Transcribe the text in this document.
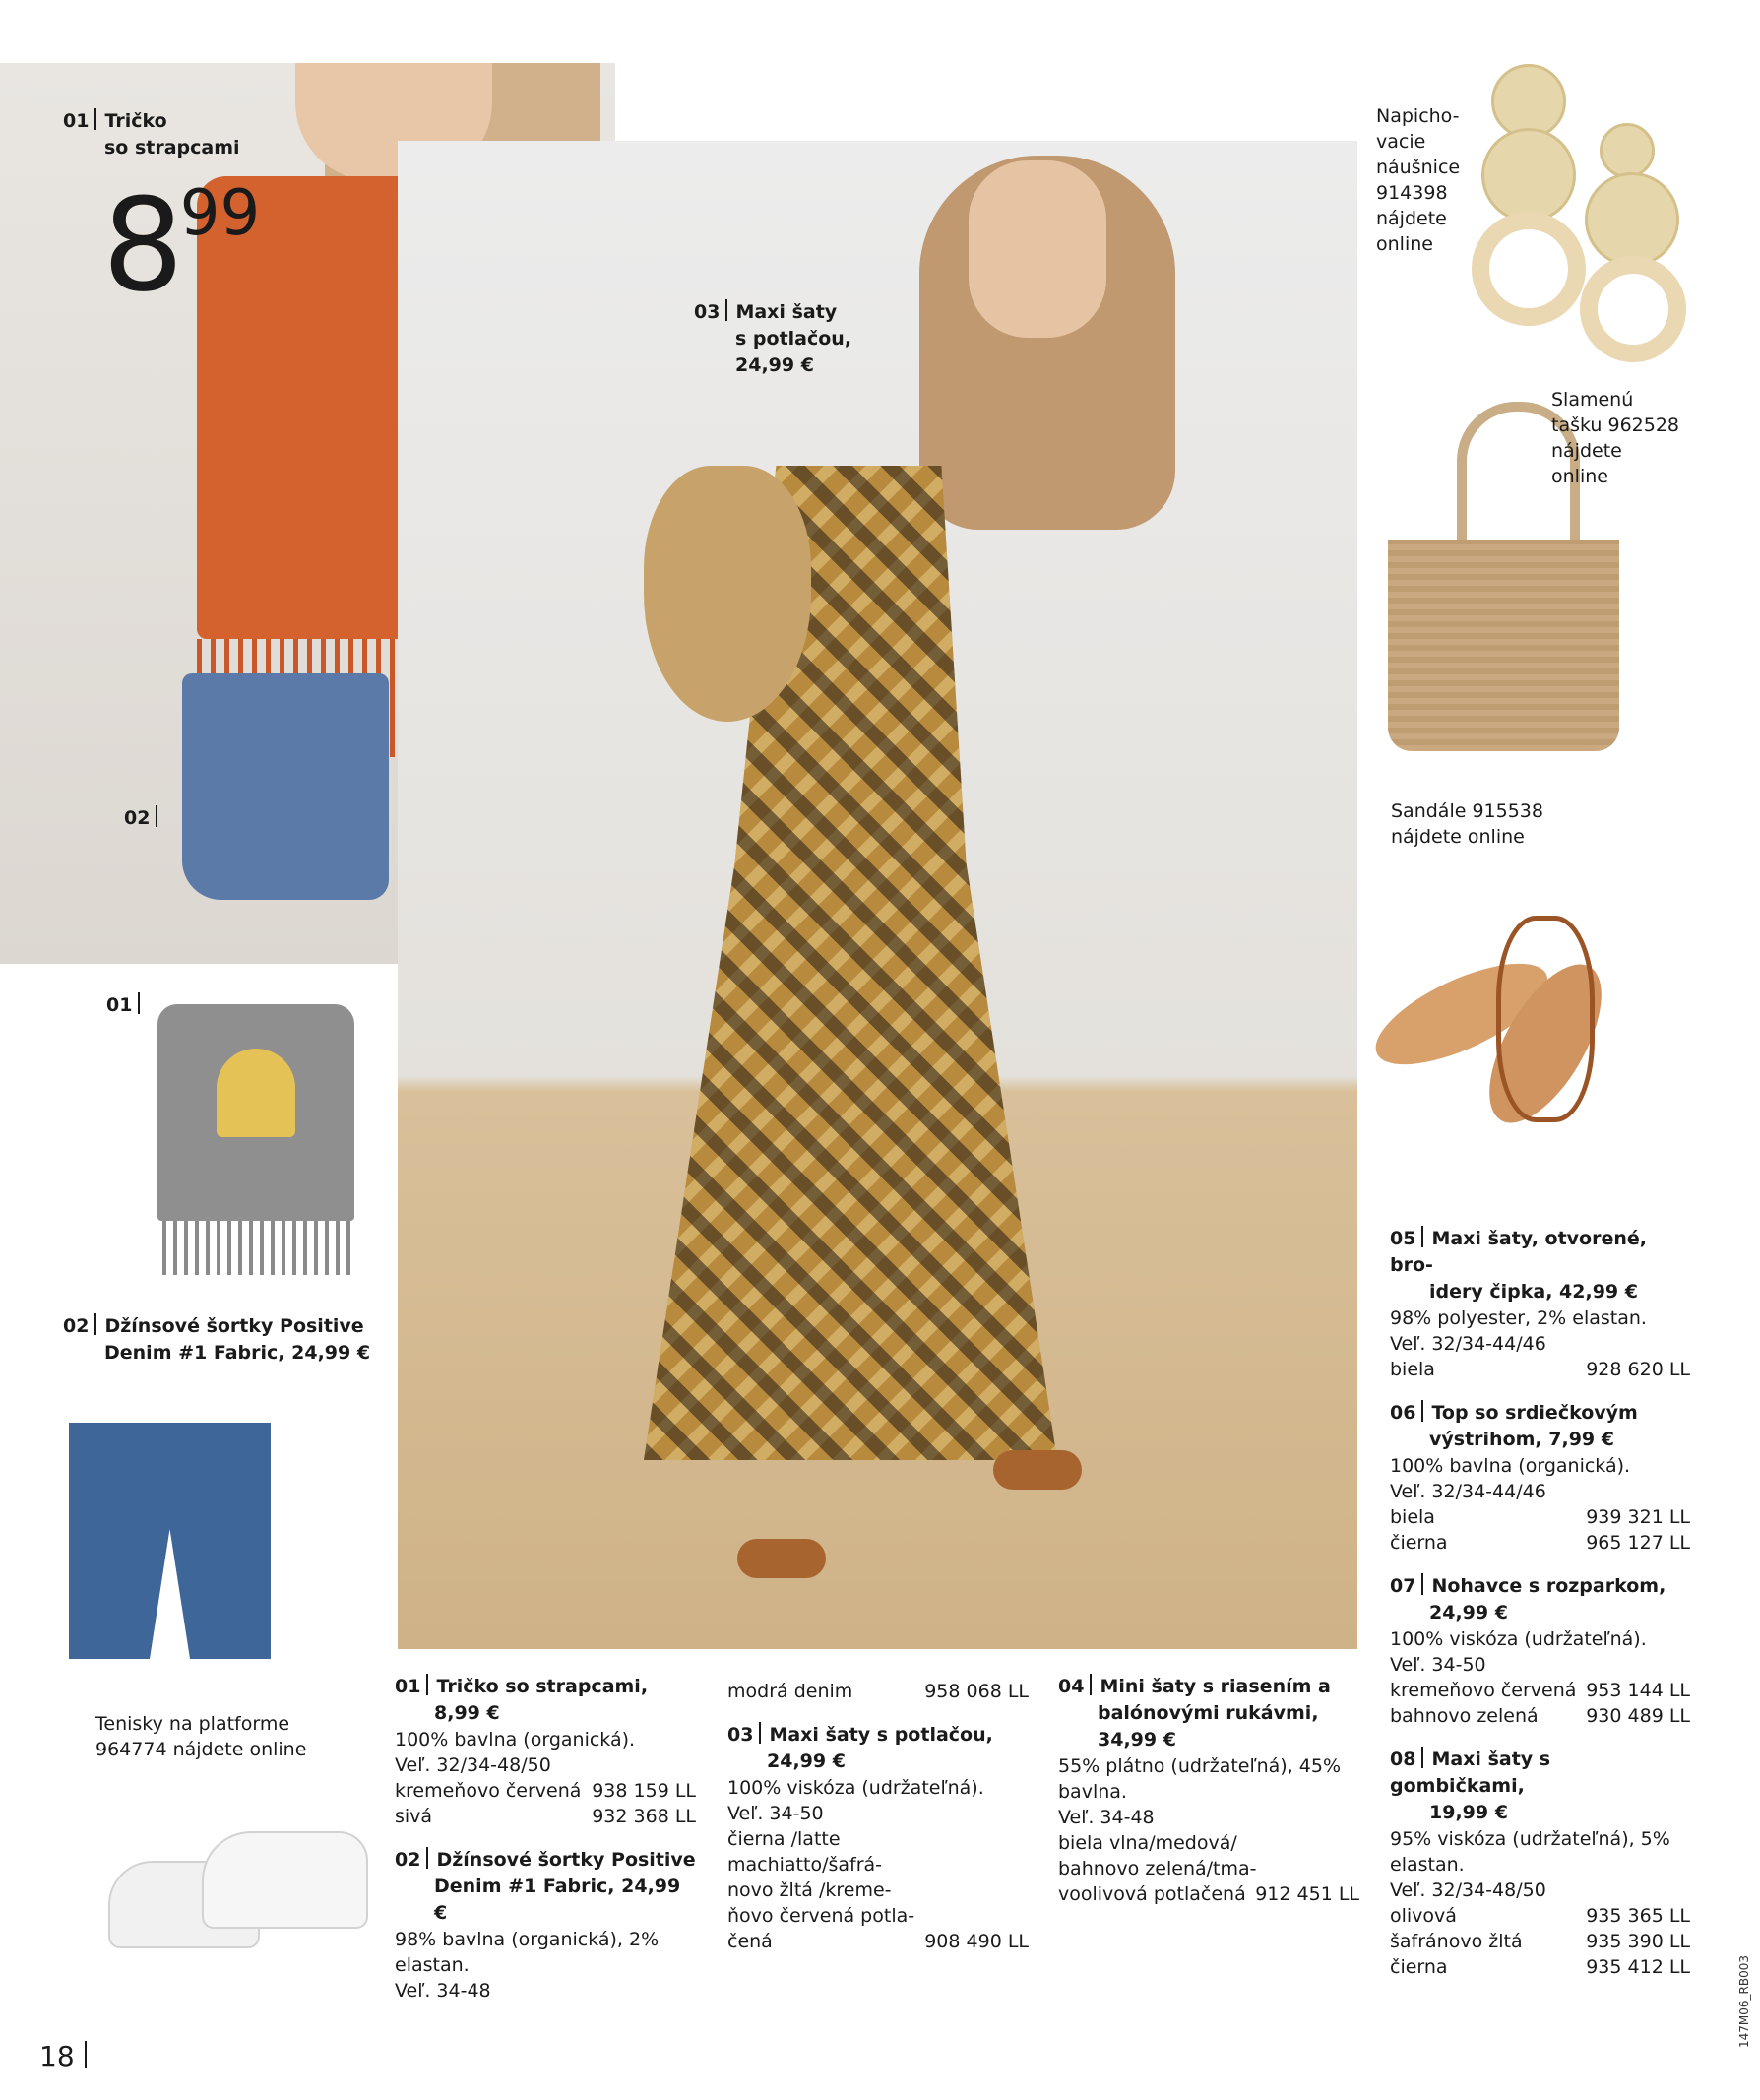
01 Tričko
so strapcami
$8^{99}$
02
03 Maxi šaty
s potlačou,
24,99 €
01
02 Džínsové šortky Positive
Denim #1 Fabric, 24,99 €
Tenisky na platforme
964774 nájdete online
Napicho-
vacie
náušnice
914398
nájdete
online
Slamenú
tašku 962528
nájdete
online
Sandále 915538
nájdete online
01 Tričko so strapcami,
8,99 €
100% bavlna (organická).
Veľ. 32/34-48/50
kremeňovo červená 938 159 LL
sivá	932 368 LL
02 Džínsové šortky Positive
Denim #1 Fabric, 24,99 €
98% bavlna (organická), 2%
elastan.
Veľ. 34-48
modrá denim	958 068 LL
03 Maxi šaty s potlačou,
24,99 €
100% viskóza (udržateľná).
Veľ. 34-50
čierna /latte
machiatto/šafrá-
novo žltá /kreme-
ňovo červená potla-
čená	908 490 LL
04 Mini šaty s riasením a
balónovými rukávmi,
34,99 €
55% plátno (udržateľná), 45%
bavlna.
Veľ. 34-48
biela vlna/medová/
bahnovo zelená/tma-
voolivová potlačená 912 451 LL
05 Maxi šaty, otvorené, bro-
idery čipka, 42,99 €
98% polyester, 2% elastan.
Veľ. 32/34-44/46
biela	928 620 LL
06 Top so srdiečkovým
výstrihom, 7,99 €
100% bavlna (organická).
Veľ. 32/34-44/46
biela	939 321 LL
čierna	965 127 LL
07 Nohavce s rozparkom,
24,99 €
100% viskóza (udržateľná).
Veľ. 34-50
kremeňovo červená 953 144 LL
bahnovo zelená	930 489 LL
08 Maxi šaty s gombičkami,
19,99 €
95% viskóza (udržateľná), 5%
elastan.
Veľ. 32/34-48/50
olivová	935 365 LL
šafránovo žltá	935 390 LL
čierna	935 412 LL
18
147M06_RB003
